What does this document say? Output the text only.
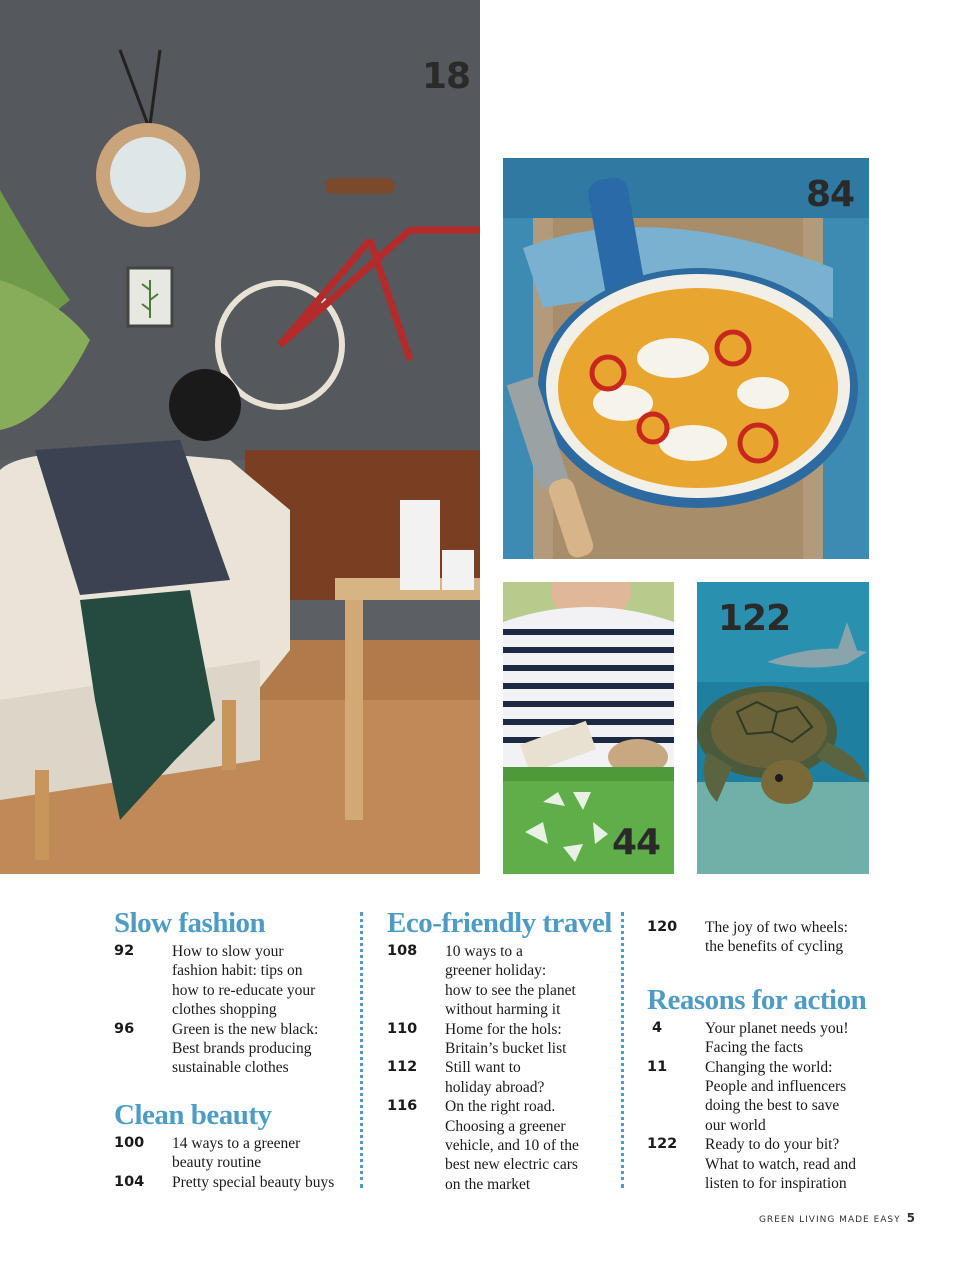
18
84
44
122
Slow fashion
92	How to slow your
fashion habit: tips on
how to re-educate your
clothes shopping
96	Green is the new black:
Best brands producing
sustainable clothes
Clean beauty
100	14 ways to a greener
beauty routine
104	Pretty special beauty buys
Eco-friendly travel
108	10 ways to a
greener holiday:
how to see the planet
without harming it
110	Home for the hols:
Britain’s bucket list
112	Still want to
holiday abroad?
116	On the right road.
Choosing a greener
vehicle, and 10 of the
best new electric cars
on the market
120	The joy of two wheels:
the benefits of cycling
Reasons for action
4	Your planet needs you!
Facing the facts
11	Changing the world:
People and influencers
doing the best to save
our world
122	Ready to do your bit?
What to watch, read and
listen to for inspiration
GREEN LIVING MADE EASY 5
